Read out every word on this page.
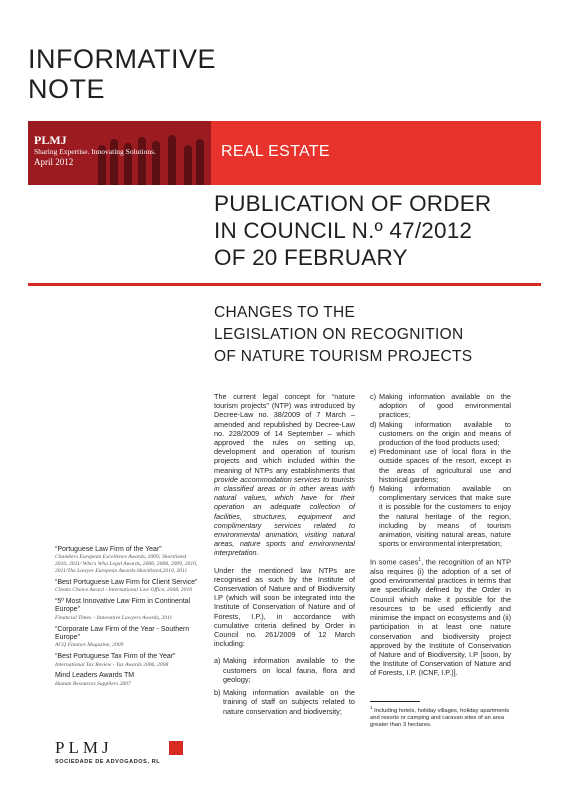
INFORMATIVE
NOTE
PLMJ
Sharing Expertise. Innovating Solutions.
April 2012
REAL ESTATE
PUBLICATION OF ORDER
IN COUNCIL N.º 47/2012
OF 20 FEBRUARY
CHANGES TO THE
LEGISLATION ON RECOGNITION
OF NATURE TOURISM PROJECTS

The current legal concept for “nature tourism projects” (NTP) was introduced by Decree-Law no. 38/2009 of 7 March – amended and republished by Decree-Law no. 228/2009 of 14 September – which approved the rules on setting up, development and operation of tourism projects and which included within the meaning of NTPs any establishments that provide accommodation services to tourists in classified areas or in other areas with natural values, which have for their operation an adequate collection of facilities, structures, equipment and complimentary services related to environmental animation, visiting natural areas, nature sports and environmental interpretation.

Under the mentioned law NTPs are recognised as such by the Institute of Conservation of Nature and of Biodiversity I.P (which will soon be integrated into the Institute of Conservation of Nature and of Forests, I.P.), in accordance with cumulative criteria defined by Order in Council no. 261/2009 of 12 March including:

a) Making information available to the customers on local fauna, flora and geology;
b) Making information available on the training of staff on subjects related to nature conservation and biodiversity;
c) Making information available on the adoption of good environmental practices;
d) Making information available to customers on the origin and means of production of the food products used;
e) Predominant use of local flora in the outside spaces of the resort, except in the areas of agricultural use and historical gardens;
f) Making information available on complimentary services that make sure it is possible for the customers to enjoy the natural heritage of the region, including by means of tourism animation, visiting natural areas, nature sports or environmental interpretation;

In some cases$^1$, the recognition of an NTP also requires (i) the adoption of a set of good environmental practices in terms that are specifically defined by the Order in Council which make it possible for the resources to be used efficiently and minimise the impact on ecosystems and (ii) participation in at least one nature conservation and biodiversity project approved by the Institute of Conservation of Nature and of Biodiversity, I.P [soon, by the Institute of Conservation of Nature and of Forests, I.P. (ICNF, I.P.)].

$^1$ Including hotels, holiday villages, holiday apartments and resorts or camping and caravan sites of an area greater than 3 hectares.
“Portuguese Law Firm of the Year”
Chambers European Excellence Awards, 2009; Shortlisted 2010, 2011/ Who's Who Legal Awards, 2006, 2008, 2009, 2010, 2011/The Lawyer European Awards-Shortlisted,2010, 2011
“Best Portuguese Law Firm for Client Service”
Clients Choice Award - International Law Office, 2008, 2010
“5º Most Innovative Law Firm in Continental Europe”
Financial Times – Innovative Lawyers Awards, 2011
“Corporate Law Firm of the Year - Southern Europe”
ACQ Finance Magazine, 2009
“Best Portuguese Tax Firm of the Year”
International Tax Review - Tax Awards 2006, 2008
Mind Leaders Awards TM
Human Resources Suppliers 2007
PLMJ
SOCIEDADE DE ADVOGADOS, RL
